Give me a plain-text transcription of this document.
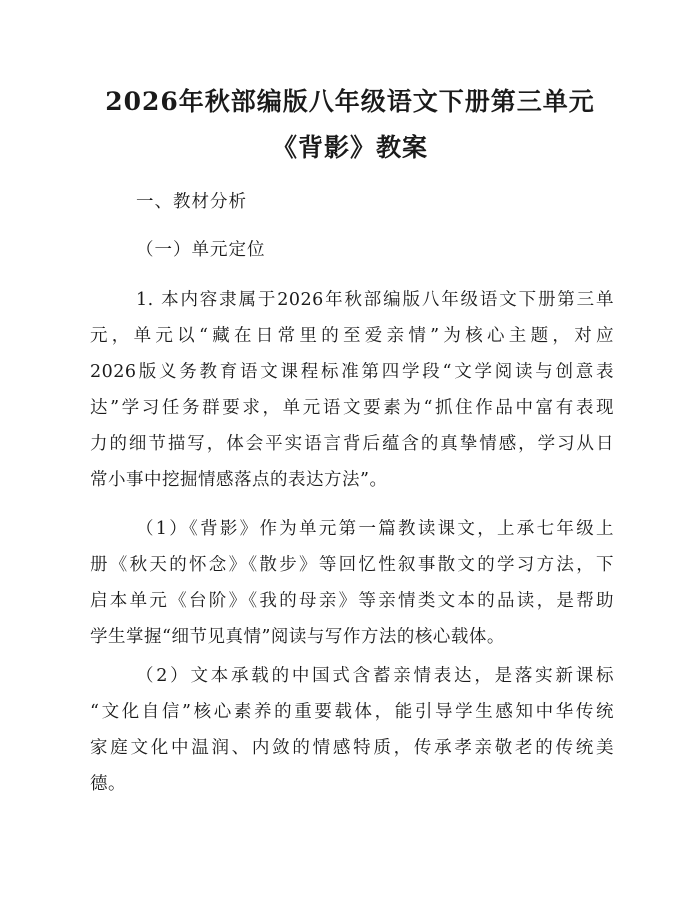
2026年秋部编版八年级语文下册第三单元
《背影》教案
一、教材分析
（一）单元定位
1. 本内容隶属于2026年秋部编版八年级语文下册第三单
元，单元以“藏在日常里的至爱亲情”为核心主题，对应
2026版义务教育语文课程标准第四学段“文学阅读与创意表
达”学习任务群要求，单元语文要素为“抓住作品中富有表现
力的细节描写，体会平实语言背后蕴含的真挚情感，学习从日
常小事中挖掘情感落点的表达方法”。
（1）《背影》作为单元第一篇教读课文，上承七年级上
册《秋天的怀念》《散步》等回忆性叙事散文的学习方法，下
启本单元《台阶》《我的母亲》等亲情类文本的品读，是帮助
学生掌握“细节见真情”阅读与写作方法的核心载体。
（2）文本承载的中国式含蓄亲情表达，是落实新课标
“文化自信”核心素养的重要载体，能引导学生感知中华传统
家庭文化中温润、内敛的情感特质，传承孝亲敬老的传统美
德。
